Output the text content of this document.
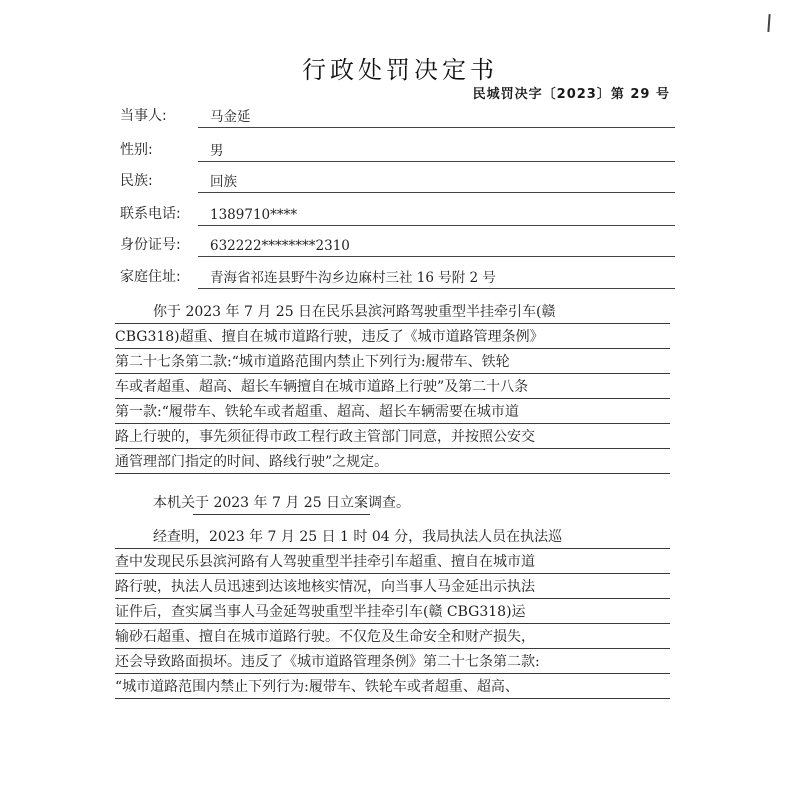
行政处罚决定书
民城罚决字〔2023〕第 29 号
当事人:	马金延
性别:	男
民族:	回族
联系电话: 1389710****
身份证号: 632222********2310
家庭住址: 青海省祁连县野牛沟乡边麻村三社 16 号附 2 号
你于 2023 年 7 月 25 日在民乐县滨河路驾驶重型半挂牵引车(赣
CBG318)超重、擅自在城市道路行驶，违反了《城市道路管理条例》
第二十七条第二款:“城市道路范围内禁止下列行为:履带车、铁轮
车或者超重、超高、超长车辆擅自在城市道路上行驶”及第二十八条
第一款:“履带车、铁轮车或者超重、超高、超长车辆需要在城市道
路上行驶的，事先须征得市政工程行政主管部门同意，并按照公安交
通管理部门指定的时间、路线行驶”之规定。
本机关于 2023 年 7 月 25 日立案调查。
经查明，2023 年 7 月 25 日 1 时 04 分，我局执法人员在执法巡
查中发现民乐县滨河路有人驾驶重型半挂牵引车超重、擅自在城市道
路行驶，执法人员迅速到达该地核实情况，向当事人马金延出示执法
证件后，查实属当事人马金延驾驶重型半挂牵引车(赣 CBG318)运
输砂石超重、擅自在城市道路行驶。不仅危及生命安全和财产损失，
还会导致路面损坏。违反了《城市道路管理条例》第二十七条第二款:
“城市道路范围内禁止下列行为:履带车、铁轮车或者超重、超高、
